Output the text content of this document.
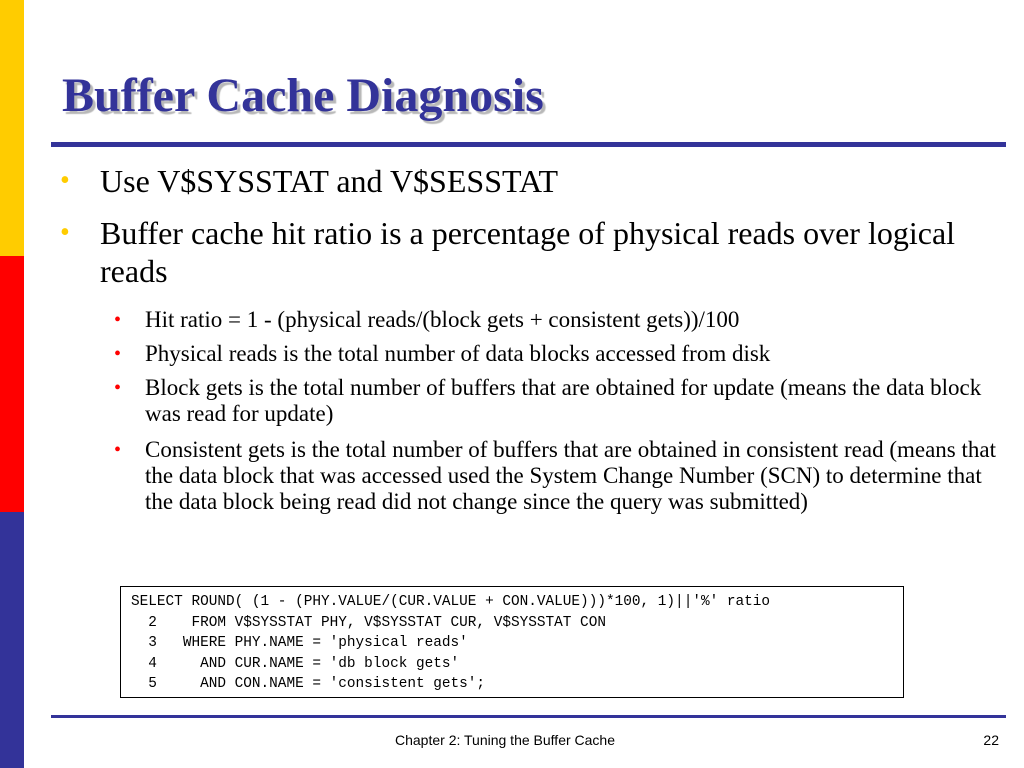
Buffer Cache Diagnosis
• Use V$SYSSTAT and V$SESSTAT
• Buffer cache hit ratio is a percentage of physical reads over logical reads
• Hit ratio = 1 - (physical reads/(block gets + consistent gets))/100
• Physical reads is the total number of data blocks accessed from disk
• Block gets is the total number of buffers that are obtained for update (means the data block was read for update)
• Consistent gets is the total number of buffers that are obtained in consistent read (means that the data block that was accessed used the System Change Number (SCN) to determine that the data block being read did not change since the query was submitted)
SELECT ROUND( (1 - (PHY.VALUE/(CUR.VALUE + CON.VALUE)))*100, 1)||'%' ratio
2    FROM V$SYSSTAT PHY, V$SYSSTAT CUR, V$SYSSTAT CON
3   WHERE PHY.NAME = 'physical reads'
4     AND CUR.NAME = 'db block gets'
5     AND CON.NAME = 'consistent gets';
Chapter 2: Tuning the Buffer Cache	22
